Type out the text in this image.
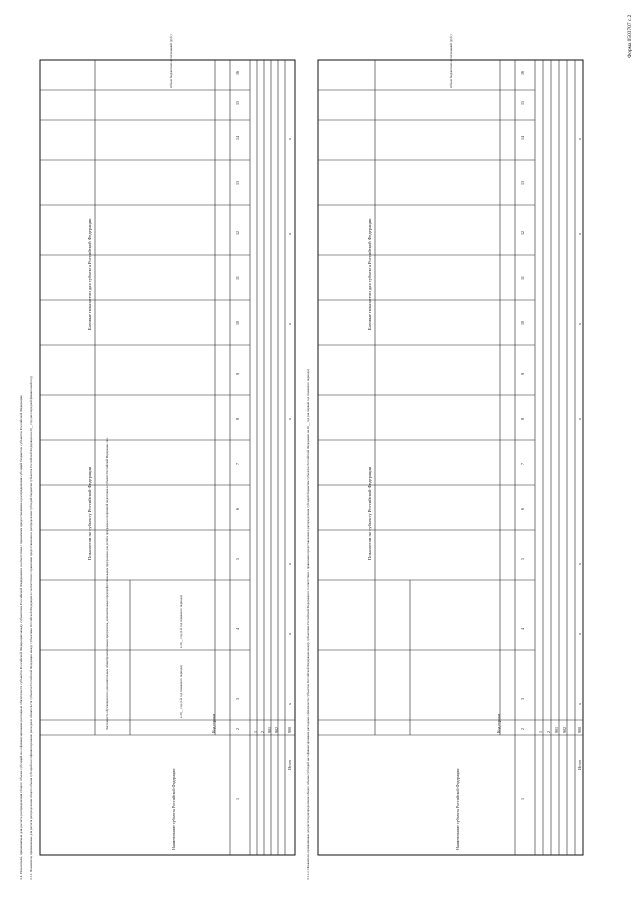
Форма 0503707 с.2
3.1. Показатели, применяемые для расчета распределения общего объема субсидий на софинансирование расходных обязательств субъектов Российской Федерации между субъектами Российской Федерации в соответствии с правилами предоставления и распределения субсидий бюджетам субъектов Российской Федерации 3.1.1. Показатели, применяемые для расчета распределения общего объема субсидий на софинансирование расходных обязательств субъектов Российской Федерации между субъектами Российской Федерации в соответствии с правилами предоставления и распределения субсидий бюджетам субъектов Российской Федерации на 20__ год (на очередной финансовый год)	3.1.1.2. Показатели, применяемые для расчета распределения общего объема субсидий на софинансирование расходных обязательств субъектов Российской Федерации между субъектами Российской Федерации в соответствии с правилами предоставления и распределения субсидий бюджетам субъектов Российской Федерации на 20__ год (на первый год планового периода)
Наименование субъекта Российской Федерации
Код строки
Показатели по субъекту Российской Федерации
Базовые показатели для субъекта Российской Федерации
Численность обучающихся по дополнительным общеобразовательным программам, дополнительным предпрофессиональным программам для детей и программам спортивной подготовки в субъекте Российской Федерации, чел.	в 20__ год (1-й год планового периода)
в 20__ год (2-й год планового периода)
Объем бюджетных ассигнований (руб.)
Итого
900
1
2
3
4
5
6
7
8
9
10
11
12
13
14
15
16
1 2 901 902
x
x
x
x
x
x
x
Наименование субъекта Российской Федерации
Код строки
Показатели по субъекту Российской Федерации
Базовые показатели для субъекта Российской Федерации
Объем бюджетных ассигнований (руб.)
Итого
900
1
2
3
4
5
6
7
8
9
10
11
12
13
14
15
16
1 2 901 902
x
x
x
x
x
x
x
